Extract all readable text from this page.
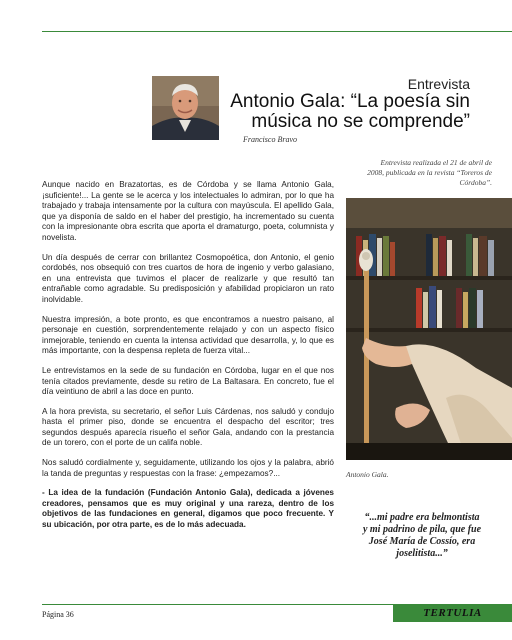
Entrevista
Antonio Gala: “La poesía sin música no se comprende”
Francisco Bravo
Entrevista realizada el 21 de abril de 2008, publicada en la revista “Toreros de Córdoba”.
Antonio Gala.
“...mi padre era belmontista y mi padrino de pila, que fue José María de Cossío, era joselitista...”

Aunque nacido en Brazatortas, es de Córdoba y se llama Antonio Gala, ¡suficiente!... La gente se le acerca y los intelectuales lo admiran, por lo que ha trabajado y trabaja intensamente por la cultura con mayúscula. El apellido Gala, que ya disponía de saldo en el haber del prestigio, ha incrementado su cuenta con la impresionante obra escrita que aporta el dramaturgo, poeta, columnista y novelista.

Un día después de cerrar con brillantez Cosmopoética, don Antonio, el genio cordobés, nos obsequió con tres cuartos de hora de ingenio y verbo galasiano, en una entrevista que tuvimos el placer de realizarle y que resultó tan entrañable como agradable. Su predisposición y afabilidad propiciaron un rato inolvidable.

Nuestra impresión, a bote pronto, es que encontramos a nuestro paisano, al personaje en cuestión, sorprendentemente relajado y con un aspecto físico inmejorable, teniendo en cuenta la intensa actividad que desarrolla, y, lo que es más importante, con la despensa repleta de fuerza vital...

Le entrevistamos en la sede de su fundación en Córdoba, lugar en el que nos tenía citados previamente, desde su retiro de La Baltasara. En concreto, fue el día veintiuno de abril a las doce en punto.

A la hora prevista, su secretario, el señor Luis Cárdenas, nos saludó y condujo hasta el primer piso, donde se encuentra el despacho del escritor; tres segundos después aparecía risueño el señor Gala, andando con la prestancia de un torero, con el porte de un califa noble.

Nos saludó cordialmente y, seguidamente, utilizando los ojos y la palabra, abrió la tanda de preguntas y respuestas con la frase: ¿empezamos?...

- La idea de la fundación (Fundación Antonio Gala), dedicada a jóvenes creadores, pensamos que es muy original y una rareza, dentro de los objetivos de las fundaciones en general, digamos que poco frecuente. Y su ubicación, por otra parte, es de lo más adecuada.

Página 36	TERTULIA
